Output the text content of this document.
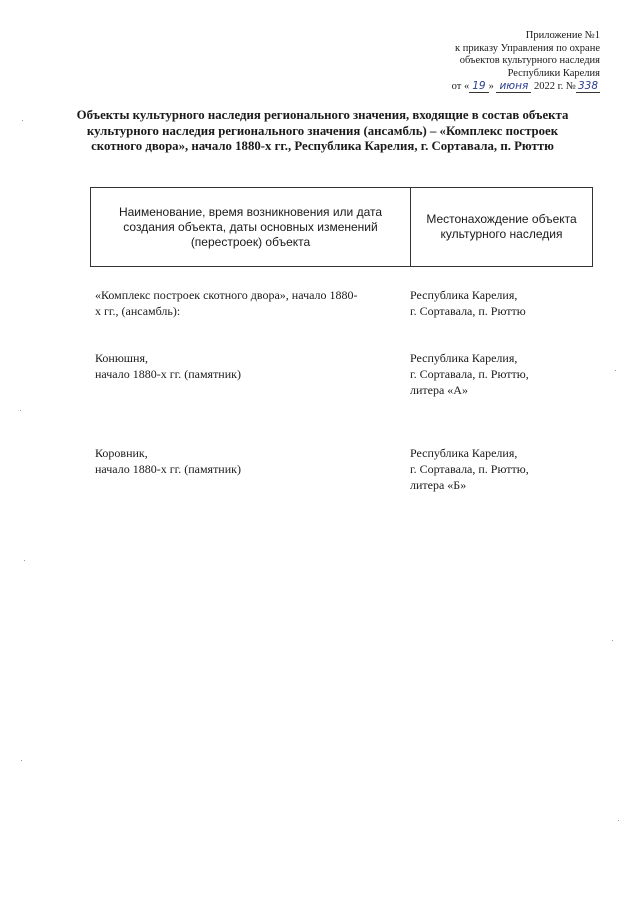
Приложение №1
к приказу Управления по охране
объектов культурного наследия
Республики Карелия
от « 19 » июня 2022 г. № 338
Объекты культурного наследия регионального значения, входящие в состав объекта культурного наследия регионального значения (ансамбль) – «Комплекс построек скотного двора», начало 1880-х гг., Республика Карелия, г. Сортавала, п. Рюттю
Наименование, время возникновения или дата создания объекта, даты основных изменений (перестроек) объекта
Местонахождение объекта культурного наследия
«Комплекс построек скотного двора», начало 1880-
х гг., (ансамбль):
Республика Карелия,
г. Сортавала, п. Рюттю
Конюшня,
начало 1880-х гг. (памятник)
Республика Карелия,
г. Сортавала, п. Рюттю,
литера «А»
Коровник,
начало 1880-х гг. (памятник)
Республика Карелия,
г. Сортавала, п. Рюттю,
литера «Б»
